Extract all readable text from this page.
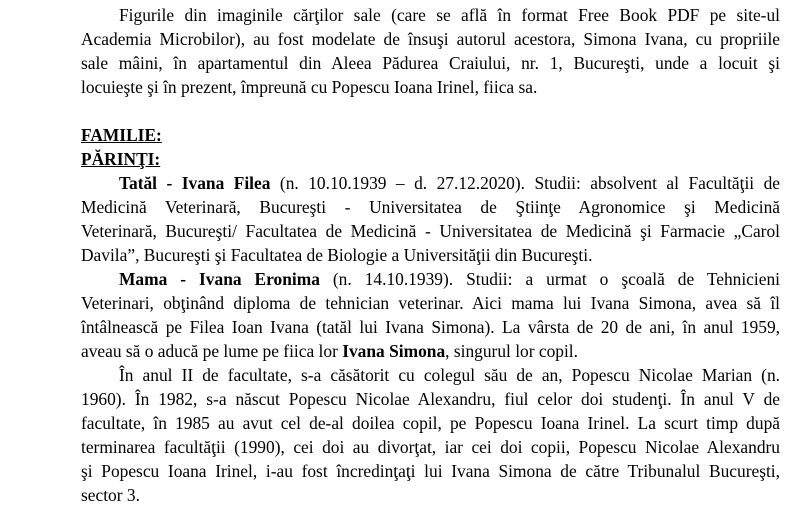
Figurile din imaginile cărţilor sale (care se află în format Free Book PDF pe site-ul
Academia Microbilor), au fost modelate de însuşi autorul acestora, Simona Ivana, cu propriile
sale mâini, în apartamentul din Aleea Pădurea Craiului, nr. 1, Bucureşti, unde a locuit şi
locuieşte şi în prezent, împreună cu Popescu Ioana Irinel, fiica sa.
FAMILIE:
PĂRINŢI:
Tatăl - Ivana Filea (n. 10.10.1939 – d. 27.12.2020). Studii: absolvent al Facultăţii de
Medicină Veterinară, Bucureşti - Universitatea de Ştiinţe Agronomice şi Medicină
Veterinară, Bucureşti/ Facultatea de Medicină - Universitatea de Medicină şi Farmacie „Carol
Davila”, Bucureşti şi Facultatea de Biologie a Universităţii din Bucureşti.
Mama - Ivana Eronima (n. 14.10.1939). Studii: a urmat o şcoală de Tehnicieni
Veterinari, obţinând diploma de tehnician veterinar. Aici mama lui Ivana Simona, avea să îl
întâlnească pe Filea Ioan Ivana (tatăl lui Ivana Simona). La vârsta de 20 de ani, în anul 1959,
aveau să o aducă pe lume pe fiica lor Ivana Simona, singurul lor copil.
În anul II de facultate, s-a căsătorit cu colegul său de an, Popescu Nicolae Marian (n.
1960). În 1982, s-a născut Popescu Nicolae Alexandru, fiul celor doi studenţi. În anul V de
facultate, în 1985 au avut cel de-al doilea copil, pe Popescu Ioana Irinel. La scurt timp după
terminarea facultăţii (1990), cei doi au divorţat, iar cei doi copii, Popescu Nicolae Alexandru
şi Popescu Ioana Irinel, i-au fost încredinţaţi lui Ivana Simona de către Tribunalul Bucureşti,
sector 3.
